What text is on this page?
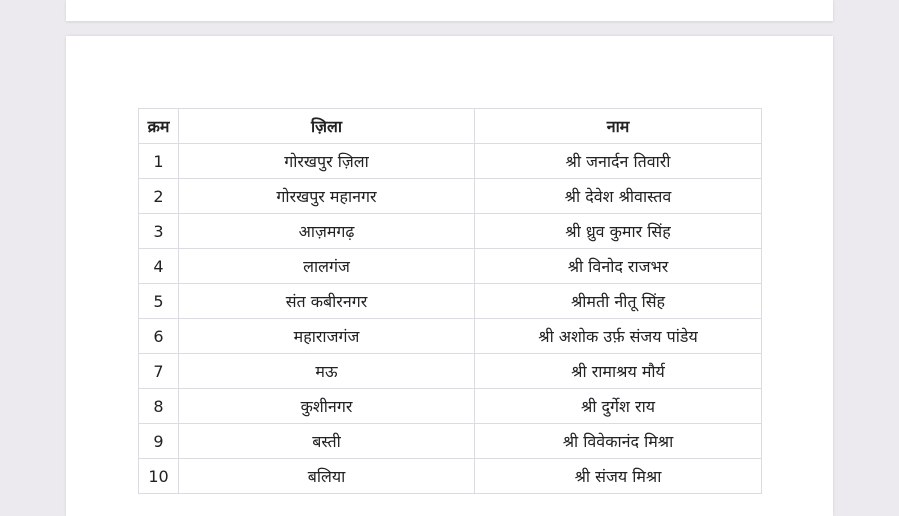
क्रम	ज़िला	नाम
1	गोरखपुर ज़िला	श्री जनार्दन तिवारी
2	गोरखपुर महानगर	श्री देवेश श्रीवास्तव
3	आज़मगढ़	श्री ध्रुव कुमार सिंह
4	लालगंज	श्री विनोद राजभर
5	संत कबीरनगर	श्रीमती नीतू सिंह
6	महाराजगंज	श्री अशोक उर्फ़ संजय पांडेय
7	मऊ	श्री रामाश्रय मौर्य
8	कुशीनगर	श्री दुर्गेश राय
9	बस्ती	श्री विवेकानंद मिश्रा
10	बलिया	श्री संजय मिश्रा
